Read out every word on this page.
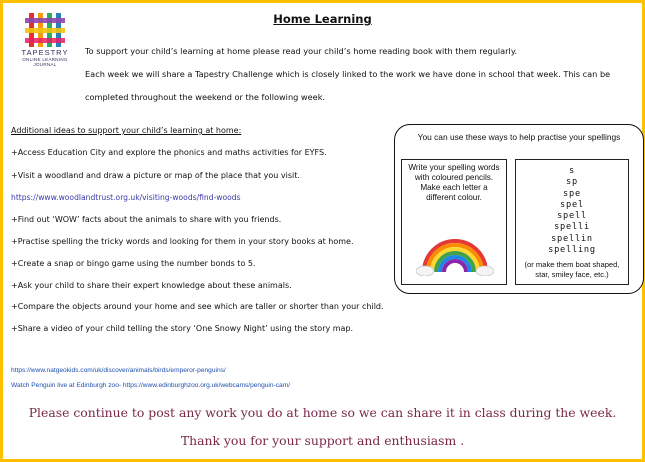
TAPESTRY
ONLINE LEARNING
JOURNAL
Home Learning
To support your child’s learning at home please read your child’s home reading book with them regularly.
Each week we will share a Tapestry Challenge which is closely linked to the work we have done in school that week. This can be completed throughout the weekend or the following week.
Additional ideas to support your child’s learning at home:
+Access Education City and explore the phonics and maths activities for EYFS.
+Visit a woodland and draw a picture or map of the place that you visit.
https://www.woodlandtrust.org.uk/visiting-woods/find-woods
+Find out ‘WOW’ facts about the animals to share with you friends.
+Practise spelling the tricky words and looking for them in your story books at home.
+Create a snap or bingo game using the number bonds to 5.
+Ask your child to share their expert knowledge about these animals.
+Compare the objects around your home and see which are taller or shorter than your child.
+Share a video of your child telling the story ‘One Snowy Night’ using the story map.
https://www.natgeokids.com/uk/discover/animals/birds/emperor-penguins/
Watch Penguin live at Edinburgh zoo- https://www.edinburghzoo.org.uk/webcams/penguin-cam/
You can use these ways to help practise your spellings
Write your spelling words with coloured pencils. Make each letter a different colour.
s
sp
spe
spel
spell
spelli
spellin
spelling
(or make them boat shaped, star, smiley face, etc.)
Please continue to post any work you do at home so we can share it in class during the week.
Thank you for your support and enthusiasm .
